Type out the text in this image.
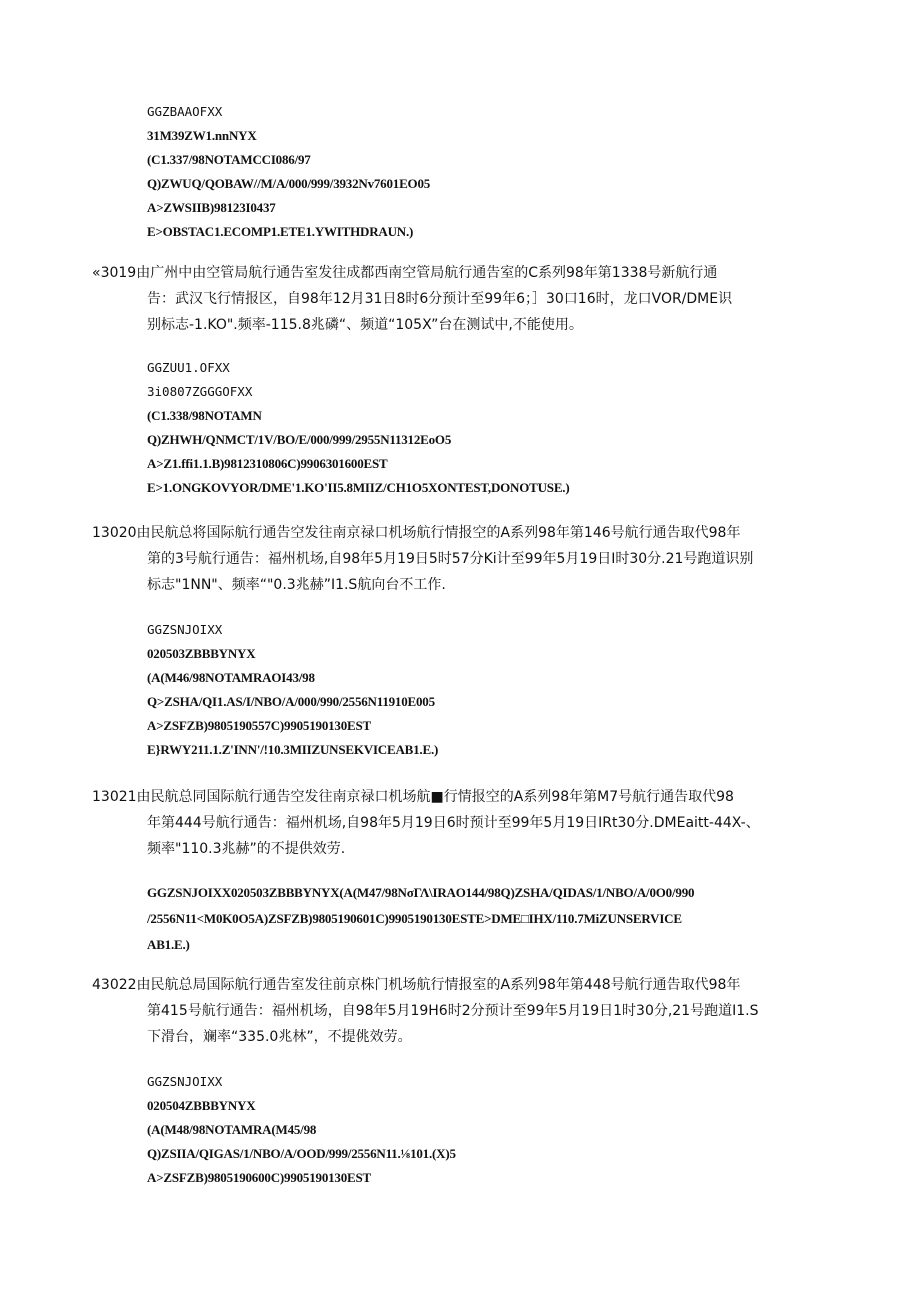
GGZBAAOFXX
31M39ZW1.nnNYX
(C1.337/98NOTAMCCI086/97
Q)ZWUQ/QOBAW//M/A/000/999/3932Nv7601EO05
A>ZWSIIB)98123I0437
E>OBSTAC1.ECOMP1.ETE1.YWITHDRAUN.)
«3019由广州中由空管局航行通告室发往成都西南空管局航行通告室的C系列98年第1338号新航行通
告：武汉飞行情报区，自98年12月31日8时6分预计至99年6；］30口16时，龙口VOR/DME识
别标志-1.KO".频率-115.8兆磷“、频道“105X”台在测试中,不能使用。
GGZUU1.OFXX
3i0807ZGGGOFXX
(C1.338/98NOTAMN
Q)ZHWH/QNMCT/1V/BO/E/000/999/2955N11312EoO5
A>Z1.ffi1.1.B)9812310806C)9906301600EST
E>1.ONGKOVYOR/DME'1.KO'II5.8MIIZ/CH1O5XONTEST,DONOTUSE.)
13020由民航总将国际航行通告空发往南京禄口机场航行情报空的A系列98年第146号航行通告取代98年
第的3号航行通告：福州机场,自98年5月19日5时57分Ki计至99年5月19日I时30分.21号跑道识别
标志"1NN"、频率“"0.3兆赫”I1.S航向台不工作.
GGZSNJOIXX
020503ZBBBYNYX
(A(M46/98NOTAMRAOI43/98
Q>ZSHA/QI1.AS/I/NBO/A/000/990/2556N11910E005
A>ZSFZB)9805190557C)9905190130EST
E}RWY211.1.Z'INN'/!10.3MIIZUNSEKVICEAB1.E.)
13021由民航总同国际航行通告空发往南京禄口机场航■行情报空的A系列98年第M7号航行通告取代98
年第444号航行通告：福州机场,自98年5月19日6时预计至99年5月19日IRt30分.DMEaitt-44X-、
频率"110.3兆赫”的不提供效劳.
GGZSNJOIXX020503ZBBBYNYX(A(M47/98NσΓΛ\IRAO144/98Q)ZSHA/QIDAS/1/NBO/A/0O0/990
/2556N11<M0K0O5A)ZSFZB)9805190601C)9905190130ESTE>DME□IHX/110.7MiZUNSERVICE
AB1.E.)
43022由民航总局国际航行通告室发往前京株门机场航行情报室的A系列98年第448号航行通告取代98年
第415号航行通告：福州机场，自98年5月19H6时2分预计至99年5月19日1时30分,21号跑道I1.S
下滑台，斓率“335.0兆林”，不提佻效劳。
GGZSNJOIXX
020504ZBBBYNYX
(A(M48/98NOTAMRA(M45/98
Q)ZSIIA/QIGAS/1/NBO/A/OOD/999/2556N11.⅛101.(X)5
A>ZSFZB)9805190600C)9905190130EST
